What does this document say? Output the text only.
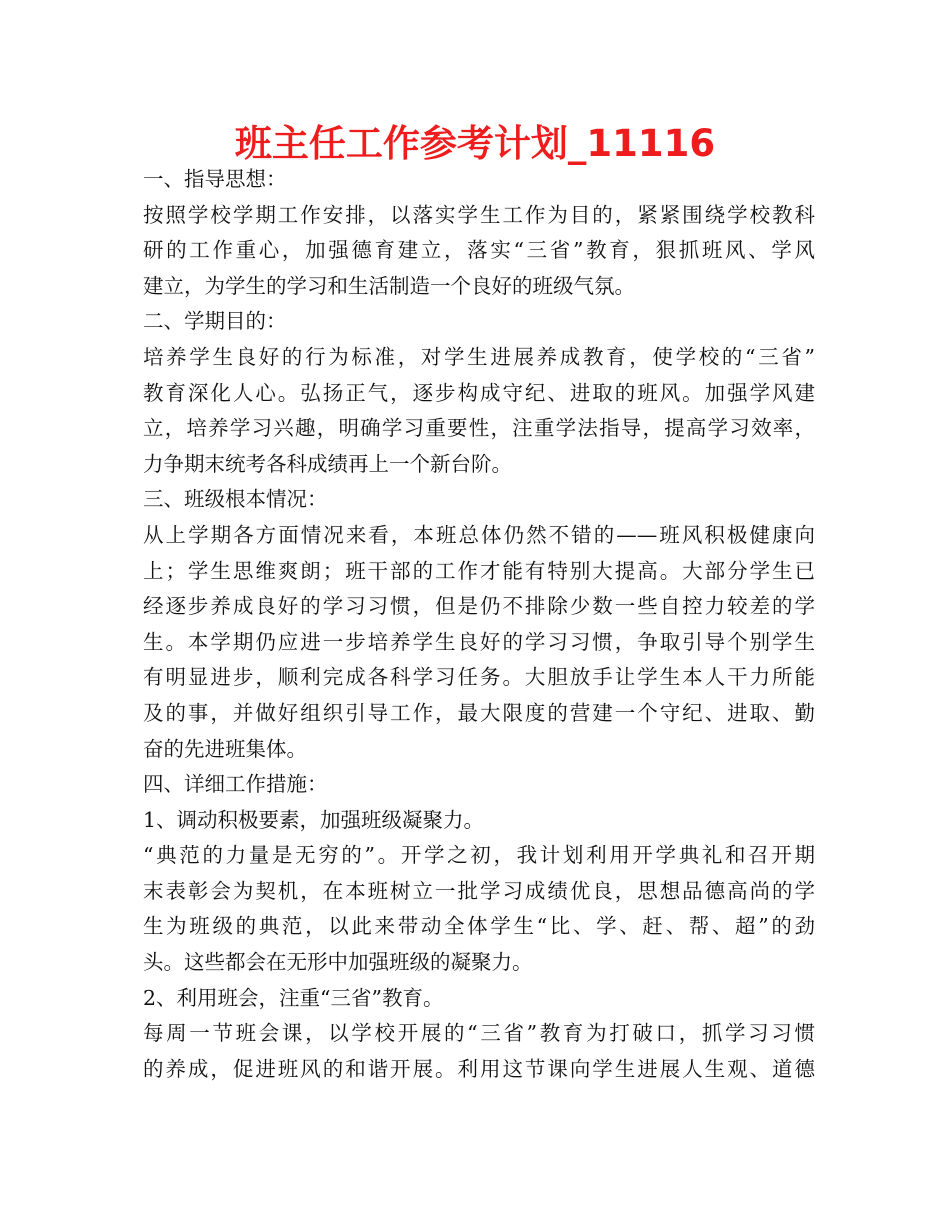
班主任工作参考计划_11116
一、指导思想：
按照学校学期工作安排，以落实学生工作为目的，紧紧围绕学校教科
研的工作重心，加强德育建立，落实“三省”教育，狠抓班风、学风
建立，为学生的学习和生活制造一个良好的班级气氛。
二、学期目的：
培养学生良好的行为标准，对学生进展养成教育，使学校的“三省”
教育深化人心。弘扬正气，逐步构成守纪、进取的班风。加强学风建
立，培养学习兴趣，明确学习重要性，注重学法指导，提高学习效率，
力争期末统考各科成绩再上一个新台阶。
三、班级根本情况：
从上学期各方面情况来看，本班总体仍然不错的——班风积极健康向
上；学生思维爽朗；班干部的工作才能有特别大提高。大部分学生已
经逐步养成良好的学习习惯，但是仍不排除少数一些自控力较差的学
生。本学期仍应进一步培养学生良好的学习习惯，争取引导个别学生
有明显进步，顺利完成各科学习任务。大胆放手让学生本人干力所能
及的事，并做好组织引导工作，最大限度的营建一个守纪、进取、勤
奋的先进班集体。
四、详细工作措施：
1、调动积极要素，加强班级凝聚力。
“典范的力量是无穷的”。开学之初，我计划利用开学典礼和召开期
末表彰会为契机，在本班树立一批学习成绩优良，思想品德高尚的学
生为班级的典范，以此来带动全体学生“比、学、赶、帮、超”的劲
头。这些都会在无形中加强班级的凝聚力。
2、利用班会，注重“三省”教育。
每周一节班会课，以学校开展的“三省”教育为打破口，抓学习习惯
的养成，促进班风的和谐开展。利用这节课向学生进展人生观、道德
